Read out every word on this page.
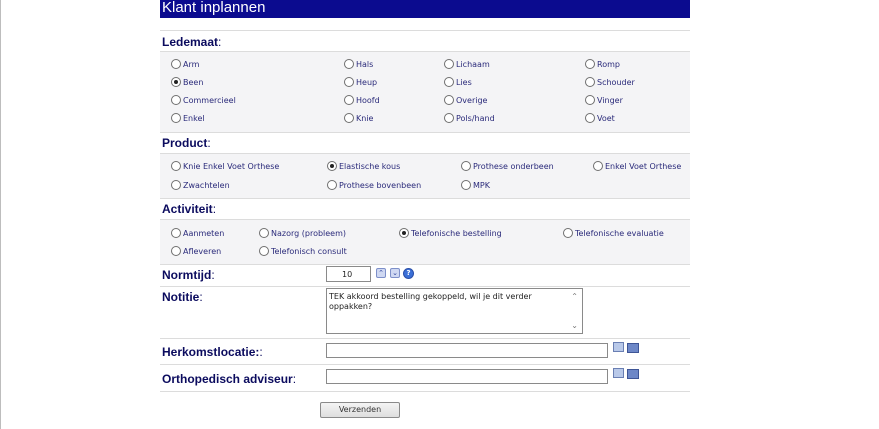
Klant inplannen
Ledemaat:
Arm	Hals	Lichaam	Romp
Been	Heup	Lies	Schouder
Commercieel	Hoofd	Overige	Vinger
Enkel	Knie	Pols/hand	Voet
Product:
Knie Enkel Voet Orthese	Elastische kous	Prothese onderbeen	Enkel Voet Orthese
Zwachtelen	Prothese bovenbeen	MPK
Activiteit:
Aanmeten	Nazorg (probleem)	Telefonische bestelling	Telefonische evaluatie
Afleveren	Telefonisch consult
Normtijd:	10	⌃ ⌄	?
Notitie:	TEK akkoord bestelling gekoppeld, wil je dit verder oppakken?
⌃
⌄
Herkomstlocatie::
Orthopedisch adviseur:
Verzenden
